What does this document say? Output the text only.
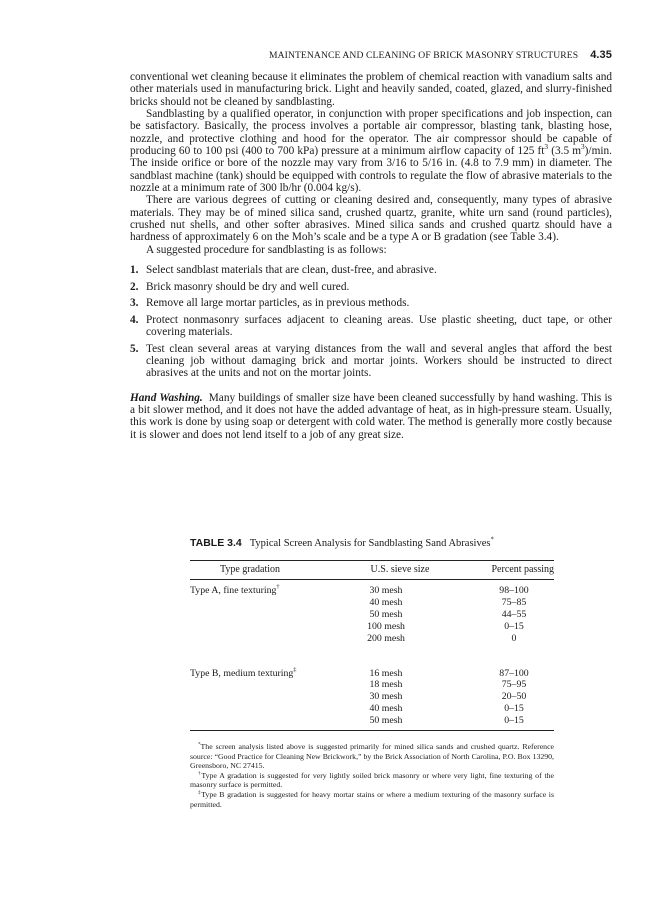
MAINTENANCE AND CLEANING OF BRICK MASONRY STRUCTURES 4.35

conventional wet cleaning because it eliminates the problem of chemical reaction with vanadium salts and other materials used in manufacturing brick. Light and heavily sanded, coated, glazed, and slurry-finished bricks should not be cleaned by sandblasting.

Sandblasting by a qualified operator, in conjunction with proper specifications and job inspection, can be satisfactory. Basically, the process involves a portable air compressor, blasting tank, blasting hose, nozzle, and protective clothing and hood for the operator. The air compressor should be capable of producing 60 to 100 psi (400 to 700 kPa) pressure at a minimum airflow capacity of 125 $ft^3$ (3.5 $m^3)/\min$. The inside orifice or bore of the nozzle may vary from 3/16 to 5/16 in. (4.8 to 7.9 mm) in diameter. The sandblast machine (tank) should be equipped with controls to regulate the flow of abrasive materials to the nozzle at a minimum rate of 300 lb/hr (0.004 kg/s).

There are various degrees of cutting or cleaning desired and, consequently, many types of abrasive materials. They may be of mined silica sand, crushed quartz, granite, white urn sand (round particles), crushed nut shells, and other softer abrasives. Mined silica sands and crushed quartz should have a hardness of approximately 6 on the Moh’s scale and be a type A or B gradation (see Table 3.4).

A suggested procedure for sandblasting is as follows:

1. Select sandblast materials that are clean, dust-free, and abrasive.
2. Brick masonry should be dry and well cured.
3. Remove all large mortar particles, as in previous methods.
4. Protect nonmasonry surfaces adjacent to cleaning areas. Use plastic sheeting, duct tape, or other covering materials.
5. Test clean several areas at varying distances from the wall and several angles that afford the best cleaning job without damaging brick and mortar joints. Workers should be instructed to direct abrasives at the units and not on the mortar joints.

Hand Washing. Many buildings of smaller size have been cleaned successfully by hand washing. This is a bit slower method, and it does not have the added advantage of heat, as in high-pressure steam. Usually, this work is done by using soap or detergent with cold water. The method is generally more costly because it is slower and does not lend itself to a job of any great size.

TABLE 3.4 Typical Screen Analysis for Sandblasting Sand Abrasives*
Type gradation	U.S. sieve size	Percent passing
Type A, fine texturing†	30 mesh	98–100
40 mesh	75–85
50 mesh	44–55
100 mesh	0–15
200 mesh	0
Type B, medium texturing‡	16 mesh	87–100
18 mesh	75–95
30 mesh	20–50
40 mesh	0–15
50 mesh	0–15

*The screen analysis listed above is suggested primarily for mined silica sands and crushed quartz. Reference source: “Good Practice for Cleaning New Brickwork,” by the Brick Association of North Carolina, P.O. Box 13290, Greensboro, NC 27415.

†Type A gradation is suggested for very lightly soiled brick masonry or where very light, fine texturing of the masonry surface is permitted.

‡Type B gradation is suggested for heavy mortar stains or where a medium texturing of the masonry surface is permitted.
